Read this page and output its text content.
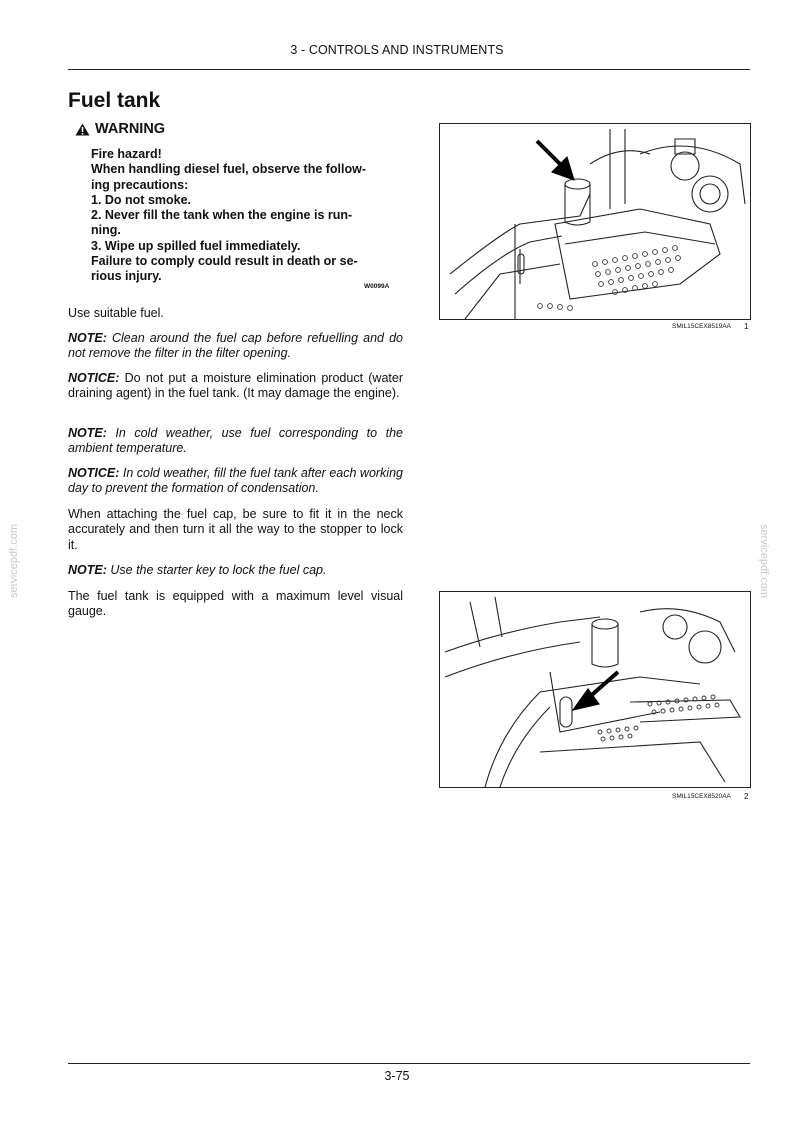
3 - CONTROLS AND INSTRUMENTS
Fuel tank
WARNING
Fire hazard!
When handling diesel fuel, observe the follow-
ing precautions:
1. Do not smoke.
2. Never fill the tank when the engine is run-
ning.
3. Wipe up spilled fuel immediately.
Failure to comply could result in death or se-
rious injury.
W0099A
Use suitable fuel.
NOTE: Clean around the fuel cap before refuelling and do not remove the filter in the filter opening.
NOTICE: Do not put a moisture elimination product (water draining agent) in the fuel tank. (It may damage the engine).
NOTE: In cold weather, use fuel corresponding to the ambient temperature.
NOTICE: In cold weather, fill the fuel tank after each working day to prevent the formation of condensation.
When attaching the fuel cap, be sure to fit it in the neck accurately and then turn it all the way to the stopper to lock it.
NOTE: Use the starter key to lock the fuel cap.
The fuel tank is equipped with a maximum level visual gauge.
SMIL15CEX8519AA 1
SMIL15CEX8520AA 2
servicepdf.com	servicepdf.com
3-75
